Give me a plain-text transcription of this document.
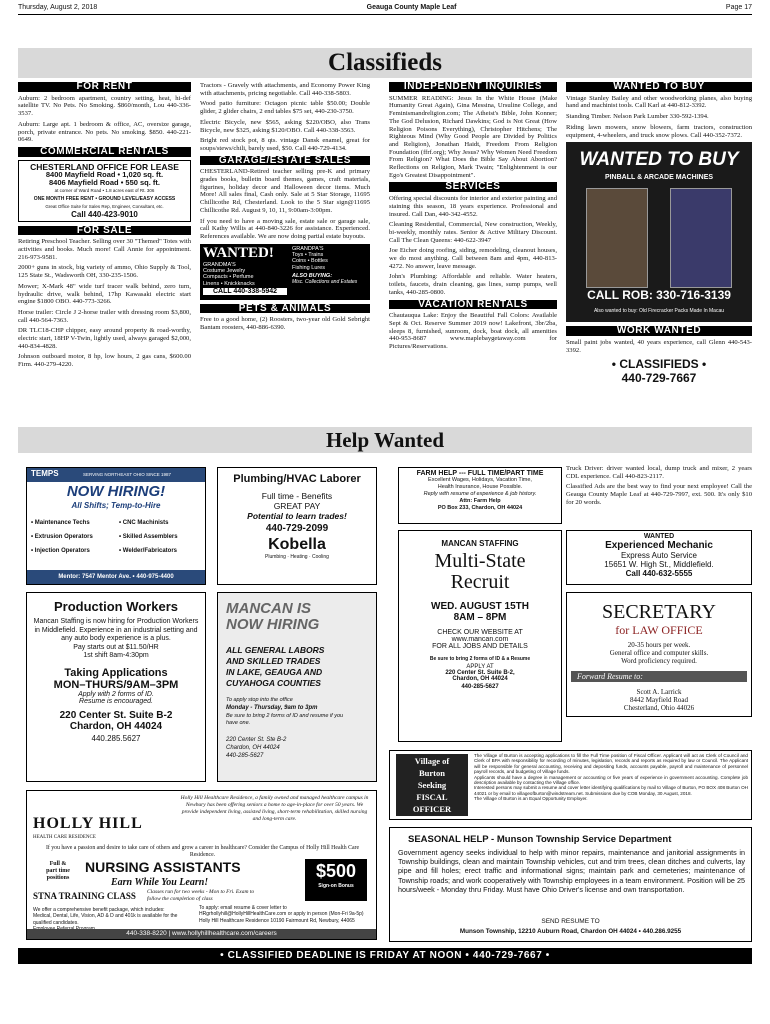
Thursday, August 2, 2018	Geauga County Maple Leaf	Page 17
Classifieds
FOR RENT

Auburn: 2 bedroom apartment, country setting, heat, hi-def satellite TV. No Pets. No Smoking. $860/month, Lou 440-336-3537.

Auburn: Large apt. 1 bedroom & office, AC, oversize garage, porch, private entrance. No pets. No smoking. $850. 440-221-0649.

COMMERCIAL RENTALS
CHESTERLAND OFFICE FOR LEASE
8400 Mayfield Road • 1,020 sq. ft.
8406 Mayfield Road • 550 sq. ft.
at corner of Ward Road • 1.8 acres east of Rt. 306
ONE MONTH FREE RENT • GROUND LEVEL/EASY ACCESS
Great Office Suite for Sales Rep, Engineer, Consultant, etc.
Call 440-423-9010
FOR SALE

Retiring Preschool Teacher. Selling over 30 "Themed" Totes with activities and books. Much more! Call Annie for appointment. 216-973-9581.

2000+ guns in stock, big variety of ammo, Ohio Supply & Tool, 125 State St., Wadsworth OH, 330-235-1506.

Mower; X-Mark 48" wide turf tracer walk behind, zero turn, hydraulic drive, walk behind, 17hp Kawasaki electric start engine $1800 OBO. 440-773-3266.

Horse trailer: Circle J 2-horse trailer with dressing room $3,800, call 440-564-7363.

DR TLC18-CHP chipper, easy around property & road-worthy, electric start, 18HP V-Twin, lightly used, always garaged $2,000, 440-834-4828.

Johnson outboard motor, 8 hp, low hours, 2 gas cans, $600.00 Firm. 440-279-4220.

Tractors - Gravely with attachments, and Economy Power King with attachments, pricing negotiable. Call 440-338-5803.

Wood patio furniture: Octagon picnic table $50.00; Double glider, 2 glider chairs, 2 end tables $75 set, 440-230-3750.

Electric Bicycle, new $565, asking $220/OBO, also Trans Bicycle, new $325, asking $120/OBO. Call 440-338-3563.

Bright red stock pot, 8 qts. vintage Dansk enamel, great for soups/stews/chili, barely used, $50. Call 440-729-4134.

GARAGE/ESTATE SALES

CHESTERLAND-Retired teacher selling pre-K and primary grades books, bulletin board themes, games, craft materials, figurines, holiday decor and Halloween decor items. Much More! All sales final, Cash only. Sale at 5 Star Storage, 11695 Chillicothe Rd, Chesterland. Look to the 5 Star sign@11695 Chillicothe Rd. August 9, 10, 11, 9:00am-3:00pm.

If you need to have a moving sale, estate sale or garage sale, call Kathy Willis at 440-840-3226 for assistance. Experienced. References available. We are now doing partial estate buyouts.

WANTED!
GRANDMA'S
Costume Jewelry
Compacts • Perfume
Linens • Knickknacks
GRANDPA'S
Toys • Trains
Coins • Bottles
Fishing Lures
ALSO BUYING:
Misc. Collections and Estates
CALL 440-338-5942
PETS & ANIMALS

Free to a good home, (2) Roosters, two-year old Gold Sebright Bantam roosters, 440-886-6390.

INDEPENDENT INQUIRIES

SUMMER READING: Jesus In the White House (Make Humanity Great Again), Gina Messina, Ursuline College, and Feminismandreligion.com; The Atheist's Bible, John Konner; The God Delusion, Richard Dawkins; God is Not Great (How Religion Poisons Everything), Christopher Hitchens; The Righteous Mind (Why Good People are Divided by Politics and Religion), Jonathan Haidt, Freedom From Religion Foundation (ffrf.org); Why Jesus? Why Women Need Freedom From Religion? What Does the Bible Say About Abortion? Reflections on Religion, Mark Twain; "Enlightenment is our Ego's Greatest Disappointment".

SERVICES

Offering special discounts for interior and exterior painting and staining this season, 18 years experience. Professional and insured. Call Dan, 440-342-4552.

Cleaning Residential, Commercial, New construction, Weekly, bi-weekly, monthly rates. Senior & Active Military Discount. Call The Clean Queens: 440-622-3947

Joe Eicher doing roofing, siding, remodeling, cleanout houses, we do most anything. Call between 8am and 4pm, 440-813-4272. No answer, leave message.

John's Plumbing: Affordable and reliable. Water heaters, toilets, faucets, drain cleaning, gas lines, sump pumps, well tanks, 440-285-0800.

VACATION RENTALS

Chautauqua Lake: Enjoy the Beautiful Fall Colors: Available Sept & Oct. Reserve Summer 2019 now! Lakefront, 3br/2ba, sleeps 8, furnished, sunroom, dock, boat dock, all amenities 440-953-8687 www.maplebaygetaway.com for Pictures/Reservations.

WANTED TO BUY

Vintage Stanley Bailey and other woodworking planes, also buying hand and machinist tools. Call Karl at 440-812-3392.

Standing Timber. Nelson Park Lumber 330-592-1394.

Riding lawn mowers, snow blowers, farm tractors, construction equipment, 4-wheelers, and truck snow plows. Call 440-352-7372.

WANTED TO BUY
PINBALL & ARCADE MACHINES
CALL ROB: 330-716-3139
Also wanted to buy: Old Firecracker Packs Made In Macau
WORK WANTED

Small paint jobs wanted, 40 years experience, call Glenn 440-543-3392.

• CLASSIFIEDS •
440-729-7667
Help Wanted
TEMPS	SERVING NORTHEAST OHIO SINCE 1987
NOW HIRING!
All Shifts; Temp-to-Hire
• Maintenance Techs	• CNC Machinists
• Extrusion Operators	• Skilled Assemblers
• Injection Operators	• Welder/Fabricators
Mentor: 7547 Mentor Ave. • 440-975-4400
Plumbing/HVAC Laborer
Full time - Benefits
GREAT PAY
Potential to learn trades!
440-729-2099
Kobella
Plumbing · Heating · Cooling
FARM HELP --- FULL TIME/PART TIME
Excellent Wages, Holidays, Vacation Time,
Health Insurance, House Possible.
Reply with resume of experience & job history.
Attn: Farm Help
PO Box 233, Chardon, OH 44024
MANCAN STAFFING
Multi-State
Recruit
WED. AUGUST 15TH
8AM – 8PM
CHECK OUR WEBSITE AT
www.mancan.com
FOR ALL JOBS AND DETAILS
Be sure to bring 2 forms of ID & a Resume
APPLY AT
220 Center St. Suite B-2,
Chardon, OH 44024
440-285-5627

Truck Driver: driver wanted local, dump truck and mixer, 2 years CDL experience. Call 440-823-2117.

Classified Ads are the best way to find your next employee! Call the Geauga County Maple Leaf at 440-729-7997, ext. 500. It's only $10 for 20 words.

WANTED
Experienced Mechanic
Express Auto Service
15651 W. High St., Middlefield.
Call 440-632-5555
Production Workers
Mancan Staffing is now hiring for Production Workers in Middlefield. Experience in an industrial setting and any auto body experience is a plus.
Pay starts out at $11.50/HR
1st shift 8am-4:30pm
Taking Applications
MON–THURS/9AM–3PM
Apply with 2 forms of ID.
Resume is encouraged.
220 Center St. Suite B-2
Chardon, OH 44024
440.285.5627
MANCAN IS
NOW HIRING
ALL GENERAL LABORS
AND SKILLED TRADES
IN LAKE, GEAUGA AND
CUYAHOGA COUNTIES
To apply stop into the office
Monday - Thursday, 9am to 3pm
Be sure to bring 2 forms of ID and resume if you have one.
220 Center St. Ste B-2
Chardon, OH 44024
440-285-5627
SECRETARY
for LAW OFFICE
20-35 hours per week.
General office and computer skills.
Word proficiency required.
Forward Resume to:
Scott A. Larrick
8442 Mayfield Road
Chesterland, Ohio 44026
Village of
Burton
Seeking
FISCAL
OFFICER
The Village of Burton is accepting applications to fill the Full Time position of Fiscal Officer. Applicant will act as Clerk of Council and Clerk of BPA with responsibility for recording of minutes, legislation, records and reports as required by law or Council. The Applicant will be responsible for general accounting, receiving and depositing funds, accounts payable, payroll and maintenance of personnel payroll records, and budgeting of Village funds.
Applicants should have a degree in management or accounting or five years of experience in government accounting. Complete job description available by contacting the Village office.
Interested persons may submit a resume and cover letter identifying qualifications by mail to Village of Burton, PO BOX 408 Burton OH 44021 or by email to villageofburton@windstream.net. Submissions due by COB Monday, 30 August, 2018.
The Village of Burton is an Equal Opportunity Employer.
HOLLY HILL
HEALTH CARE RESIDENCE
Holly Hill Healthcare Residence, a family owned and managed healthcare campus in Newbury has been offering seniors a home to age-in-place for over 50 years. We provide independent living, assisted living, short-term rehabilitation, skilled nursing and long-term care.
If you have a passion and desire to take care of others and grow a career in healthcare? Consider the Campus of Holly Hill Health Care Residence.
Full &
part time
positions
NURSING ASSISTANTS
Earn While You Learn!
STNA TRAINING CLASS Classes run for two weeks - Mon to Fri. Exam to follow the completion of class
$500
Sign-on Bonus
We offer a comprehensive benefit package, which includes: Medical, Dental, Life, Vision, AD & D and 401k is available for the qualified candidates.
To apply: email resume & cover letter to HRgrhollyhill@HollyHillHealthCare.com or apply in person (Mon-Fri 9a-5p) Holly Hill Healthcare Residence 10190 Fairmount Rd, Newbury, 44065
440-338-8220 | www.hollyhillhealthcare.com/careers
SEASONAL HELP - Munson Township Service Department
Government agency seeks individual to help with minor repairs, maintenance and janitorial assignments in Township buildings, clean and maintain Township vehicles, cut and trim trees, clean ditches and culverts, lay pipe and fill holes; erect traffic and informational signs; maintain park and cemeteries; maintenance of Township roads; and work cooperatively with Township employees in a team environment. Position will be 25 hours/week - Monday thru Friday. Must have Ohio Driver's license and own transportation.
SEND RESUME TO
Munson Township, 12210 Auburn Road, Chardon OH 44024 • 440.286.9255
• CLASSIFIED DEADLINE IS FRIDAY AT NOON • 440-729-7667 •
